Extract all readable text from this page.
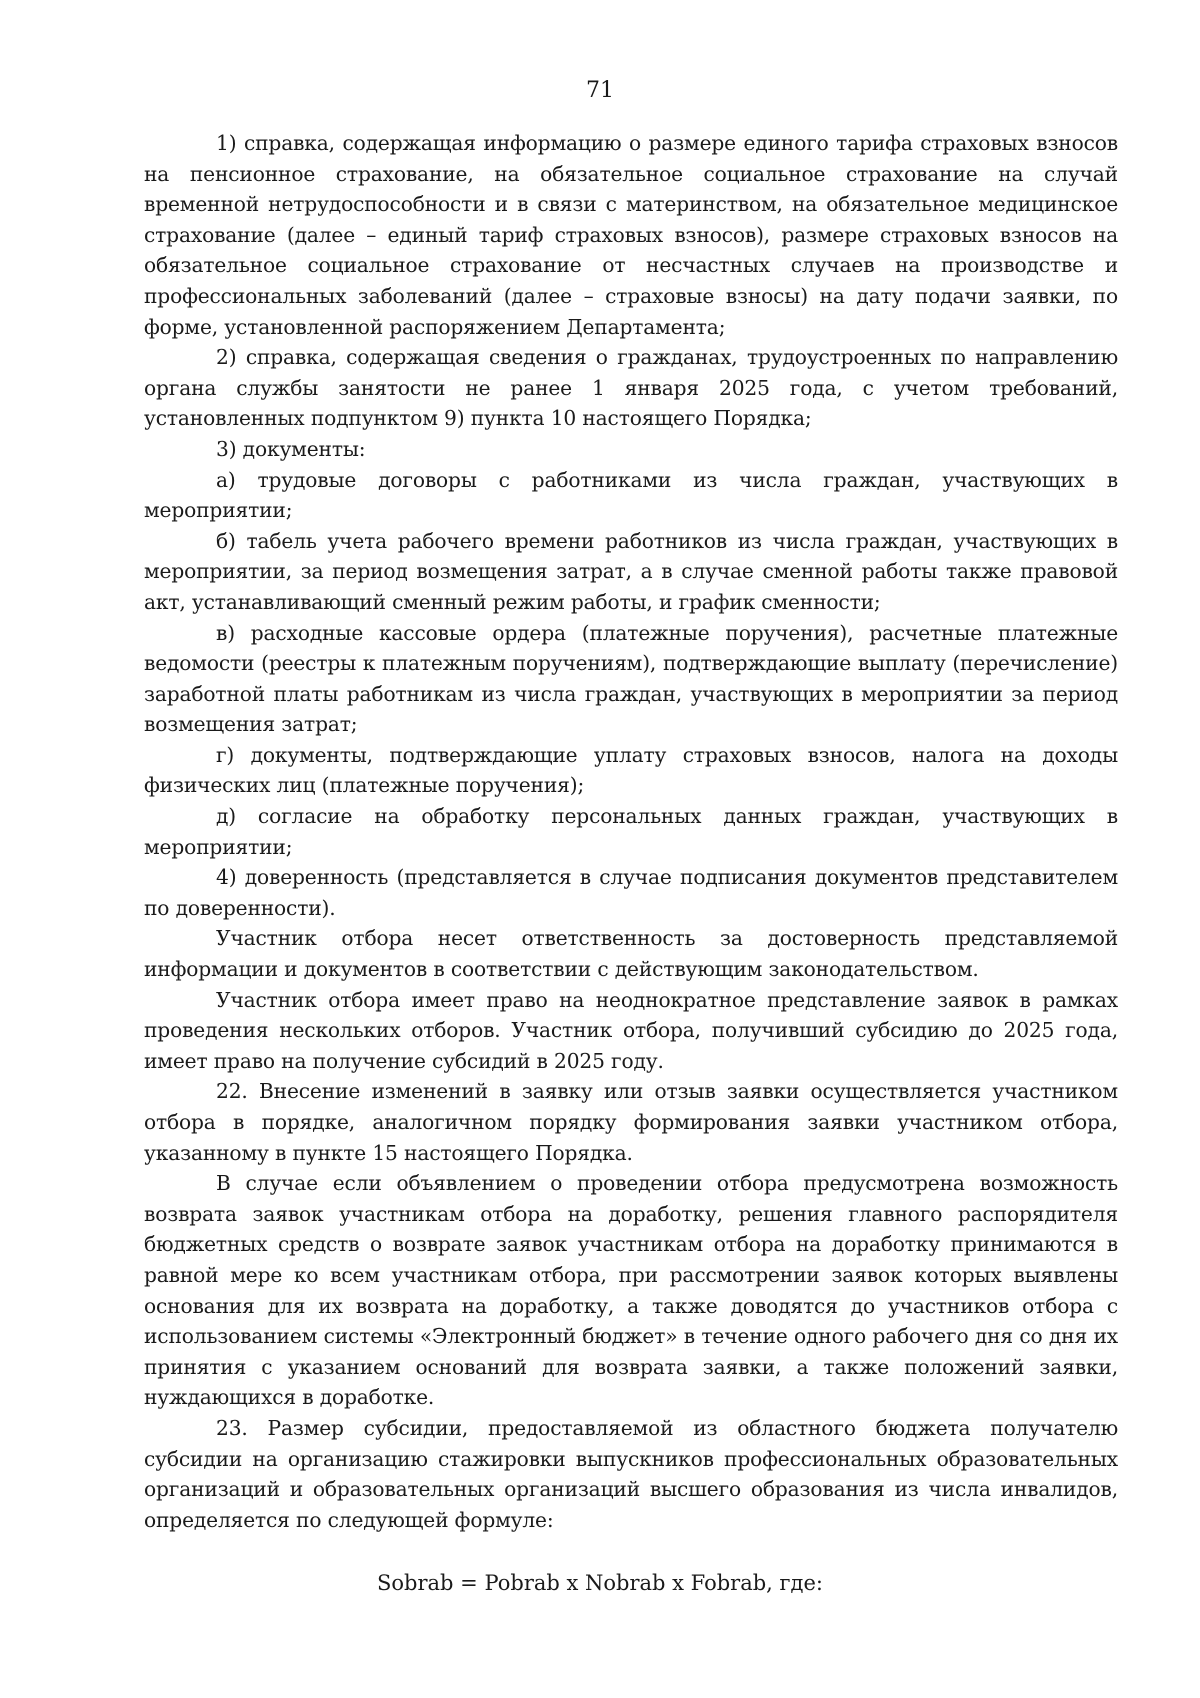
71

1) справка, содержащая информацию о размере единого тарифа страховых взносов на пенсионное страхование, на обязательное социальное страхование на случай временной нетрудоспособности и в связи с материнством, на обязательное медицинское страхование (далее – единый тариф страховых взносов), размере страховых взносов на обязательное социальное страхование от несчастных случаев на производстве и профессиональных заболеваний (далее – страховые взносы) на дату подачи заявки, по форме, установленной распоряжением Департамента;

2) справка, содержащая сведения о гражданах, трудоустроенных по направлению органа службы занятости не ранее 1 января 2025 года, с учетом требований, установленных подпунктом 9) пункта 10 настоящего Порядка;

3) документы:

а) трудовые договоры с работниками из числа граждан, участвующих в мероприятии;

б) табель учета рабочего времени работников из числа граждан, участвующих в мероприятии, за период возмещения затрат, а в случае сменной работы также правовой акт, устанавливающий сменный режим работы, и график сменности;

в) расходные кассовые ордера (платежные поручения), расчетные платежные ведомости (реестры к платежным поручениям), подтверждающие выплату (перечисление) заработной платы работникам из числа граждан, участвующих в мероприятии за период возмещения затрат;

г) документы, подтверждающие уплату страховых взносов, налога на доходы физических лиц (платежные поручения);

д) согласие на обработку персональных данных граждан, участвующих в мероприятии;

4) доверенность (представляется в случае подписания документов представителем по доверенности).

Участник отбора несет ответственность за достоверность представляемой информации и документов в соответствии с действующим законодательством.

Участник отбора имеет право на неоднократное представление заявок в рамках проведения нескольких отборов. Участник отбора, получивший субсидию до 2025 года, имеет право на получение субсидий в 2025 году.

22. Внесение изменений в заявку или отзыв заявки осуществляется участником отбора в порядке, аналогичном порядку формирования заявки участником отбора, указанному в пункте 15 настоящего Порядка.

В случае если объявлением о проведении отбора предусмотрена возможность возврата заявок участникам отбора на доработку, решения главного распорядителя бюджетных средств о возврате заявок участникам отбора на доработку принимаются в равной мере ко всем участникам отбора, при рассмотрении заявок которых выявлены основания для их возврата на доработку, а также доводятся до участников отбора с использованием системы «Электронный бюджет» в течение одного рабочего дня со дня их принятия с указанием оснований для возврата заявки, а также положений заявки, нуждающихся в доработке.

23. Размер субсидии, предоставляемой из областного бюджета получателю субсидии на организацию стажировки выпускников профессиональных образовательных организаций и образовательных организаций высшего образования из числа инвалидов, определяется по следующей формуле:

Sobrab = Pobrab x Nobrab x Fobrab, где:
